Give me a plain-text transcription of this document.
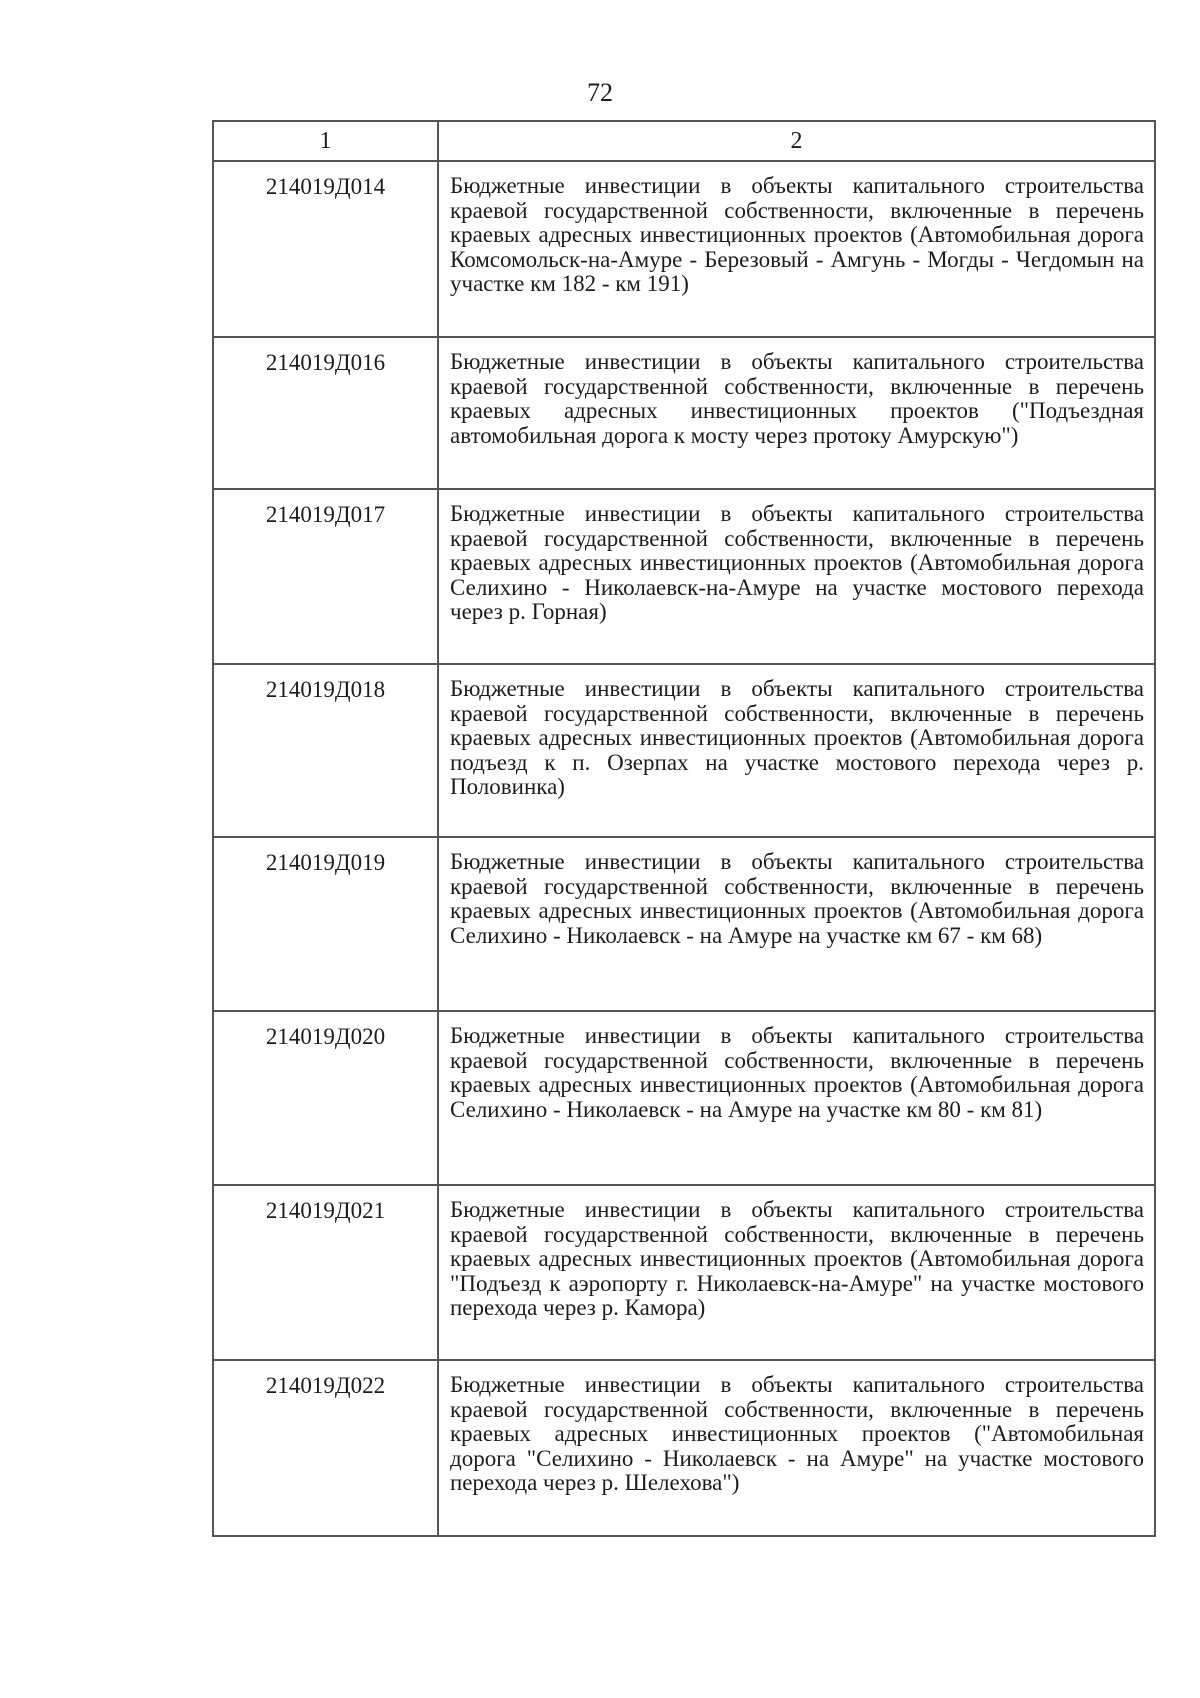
72
1	2
214019Д014	Бюджетные инвестиции в объекты капитального строительства краевой государственной собственности, включенные в перечень краевых адресных инвестиционных проектов (Автомобильная дорога Комсомольск-на-Амуре - Березовый - Амгунь - Могды - Чегдомын на участке км 182 - км 191)

214019Д016	Бюджетные инвестиции в объекты капитального строительства краевой государственной собственности, включенные в перечень краевых адресных инвестиционных проектов ("Подъездная автомобильная дорога к мосту через протоку Амурскую")

214019Д017	Бюджетные инвестиции в объекты капитального строительства краевой государственной собственности, включенные в перечень краевых адресных инвестиционных проектов (Автомобильная дорога Селихино - Николаевск-на-Амуре на участке мостового перехода через р. Горная)

214019Д018	Бюджетные инвестиции в объекты капитального строительства краевой государственной собственности, включенные в перечень краевых адресных инвестиционных проектов (Автомобильная дорога подъезд к п. Озерпах на участке мостового перехода через р. Половинка)

214019Д019	Бюджетные инвестиции в объекты капитального строительства краевой государственной собственности, включенные в перечень краевых адресных инвестиционных проектов (Автомобильная дорога Селихино - Николаевск - на Амуре на участке км 67 - км 68)

214019Д020	Бюджетные инвестиции в объекты капитального строительства краевой государственной собственности, включенные в перечень краевых адресных инвестиционных проектов (Автомобильная дорога Селихино - Николаевск - на Амуре на участке км 80 - км 81)

214019Д021	Бюджетные инвестиции в объекты капитального строительства краевой государственной собственности, включенные в перечень краевых адресных инвестиционных проектов (Автомобильная дорога "Подъезд к аэропорту г. Николаевск-на-Амуре" на участке мостового перехода через р. Камора)

214019Д022	Бюджетные инвестиции в объекты капитального строительства краевой государственной собственности, включенные в перечень краевых адресных инвестиционных проектов ("Автомобильная дорога "Селихино - Николаевск - на Амуре" на участке мостового перехода через р. Шелехова")
